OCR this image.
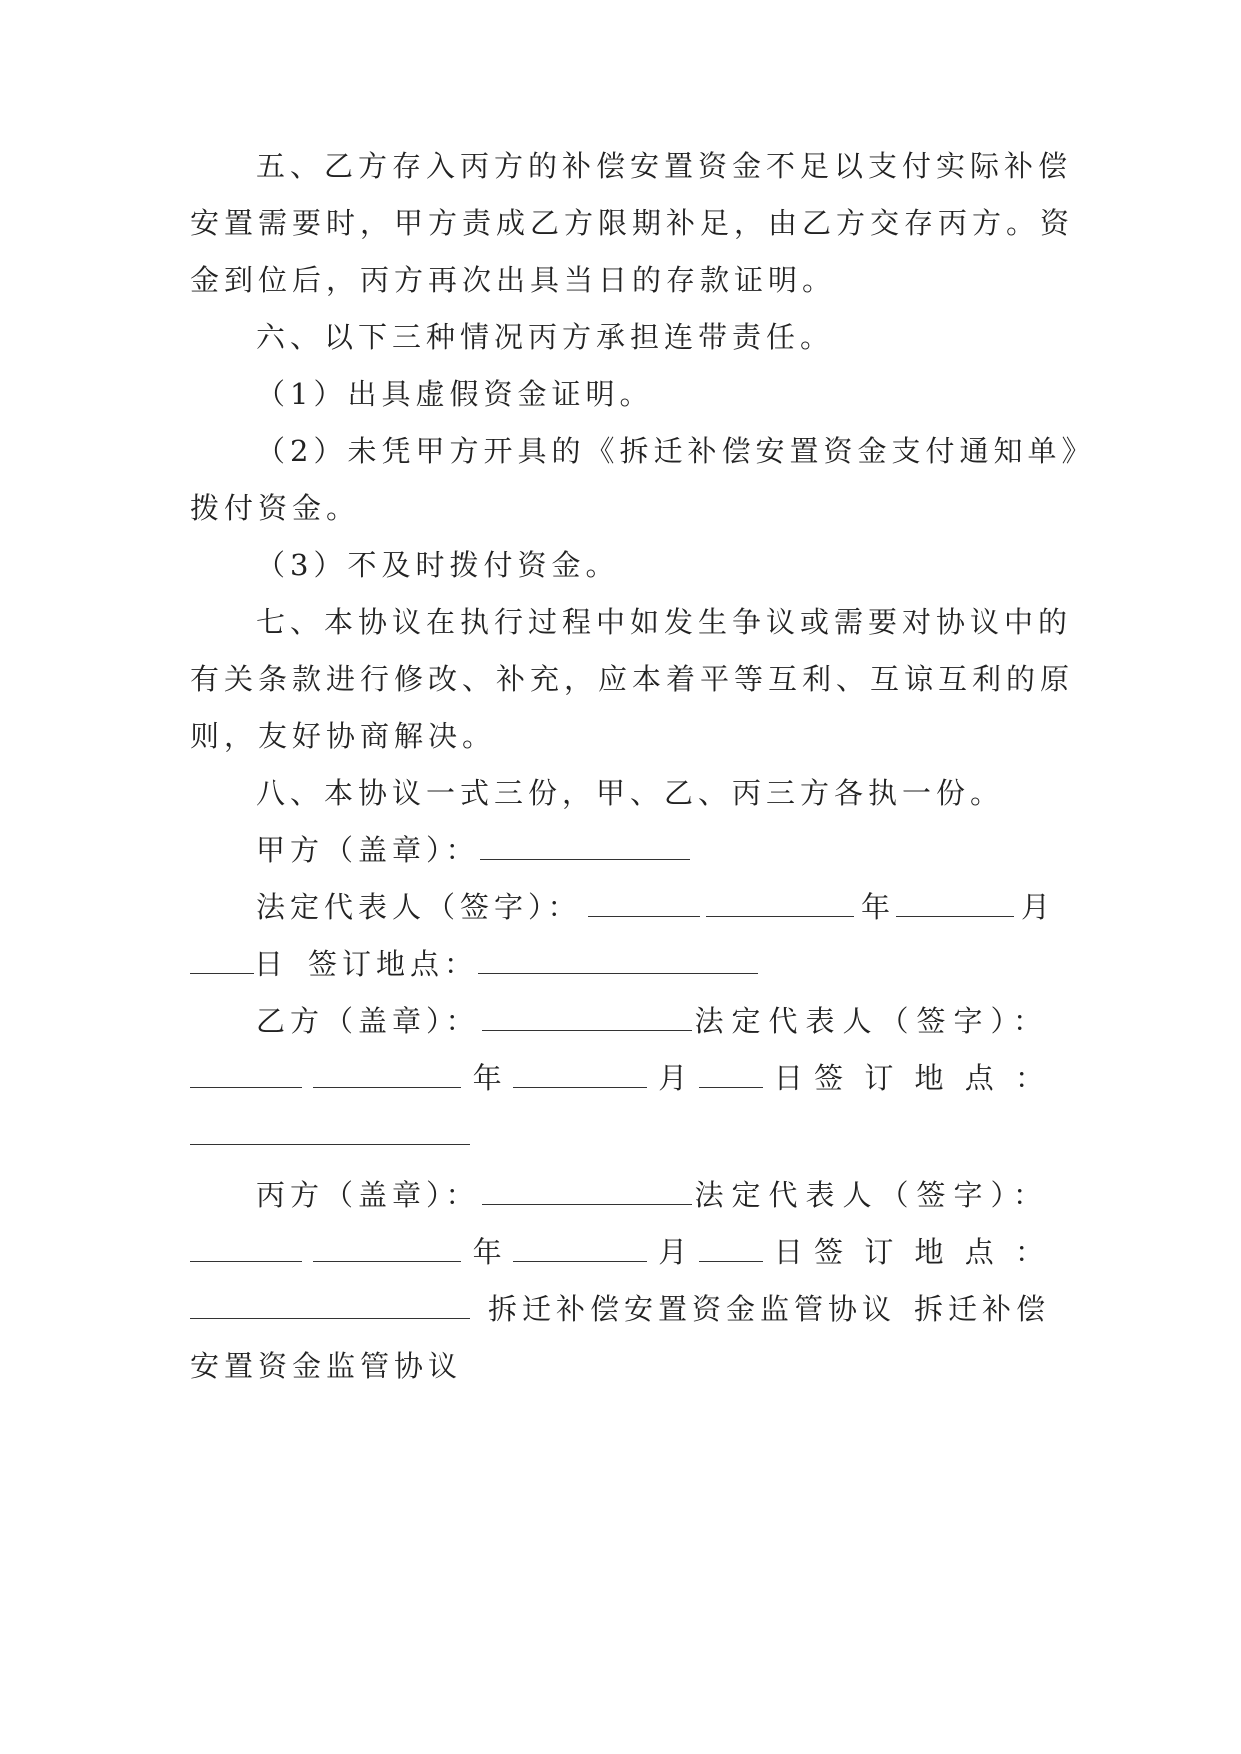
五、乙方存入丙方的补偿安置资金不足以支付实际补偿
安置需要时，甲方责成乙方限期补足，由乙方交存丙方。资
金到位后，丙方再次出具当日的存款证明。
六、以下三种情况丙方承担连带责任。
（1）出具虚假资金证明。
（2）未凭甲方开具的《拆迁补偿安置资金支付通知单》
拨付资金。
（3）不及时拨付资金。
七、本协议在执行过程中如发生争议或需要对协议中的
有关条款进行修改、补充，应本着平等互利、互谅互利的原
则，友好协商解决。
八、本协议一式三份，甲、乙、丙三方各执一份。
甲方（盖章）：
法定代表人（签字）：	年	月
日 签订地点：
乙方（盖章）：	法定代表人（签字）：
年	月	日 签 订 地 点 ：
丙方（盖章）：	法定代表人（签字）：
年	月	日 签 订 地 点 ：
拆迁补偿安置资金监管协议 拆迁补偿
安置资金监管协议
